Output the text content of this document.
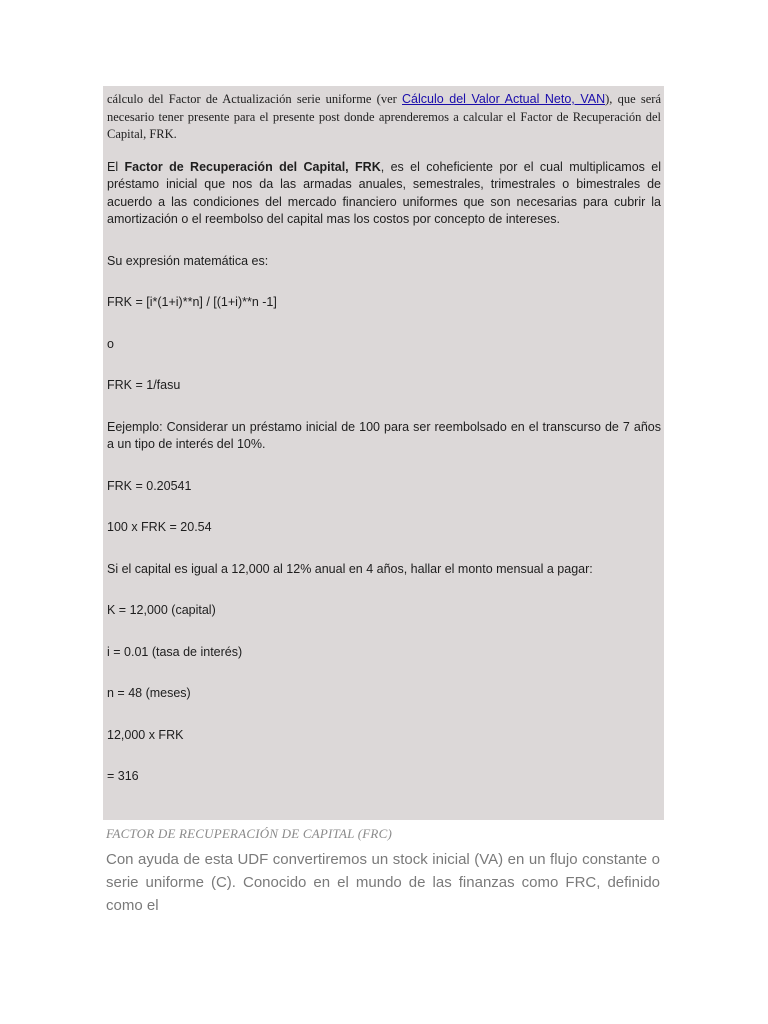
cálculo del Factor de Actualización serie uniforme (ver Cálculo del Valor Actual Neto, VAN), que será necesario tener presente para el presente post donde aprenderemos a calcular el Factor de Recuperación del Capital, FRK.

El Factor de Recuperación del Capital, FRK, es el coheficiente por el cual multiplicamos el préstamo inicial que nos da las armadas anuales, semestrales, trimestrales o bimestrales de acuerdo a las condiciones del mercado financiero uniformes que son necesarias para cubrir la amortización o el reembolso del capital mas los costos por concepto de intereses.

Su expresión matemática es:

FRK = [i*(1+i)**n] / [(1+i)**n -1]

o

FRK = 1/fasu

Eejemplo: Considerar un préstamo inicial de 100 para ser reembolsado en el transcurso de 7 años a un tipo de interés del 10%.

FRK = 0.20541

100 x FRK = 20.54

Si el capital es igual a 12,000 al 12% anual en 4 años, hallar el monto mensual a pagar:

K = 12,000 (capital)

i = 0.01 (tasa de interés)

n = 48 (meses)

12,000 x FRK

= 316

FACTOR DE RECUPERACIÓN DE CAPITAL (FRC)

Con ayuda de esta UDF convertiremos un stock inicial (VA) en un flujo constante o serie uniforme (C). Conocido en el mundo de las finanzas como FRC, definido como el
